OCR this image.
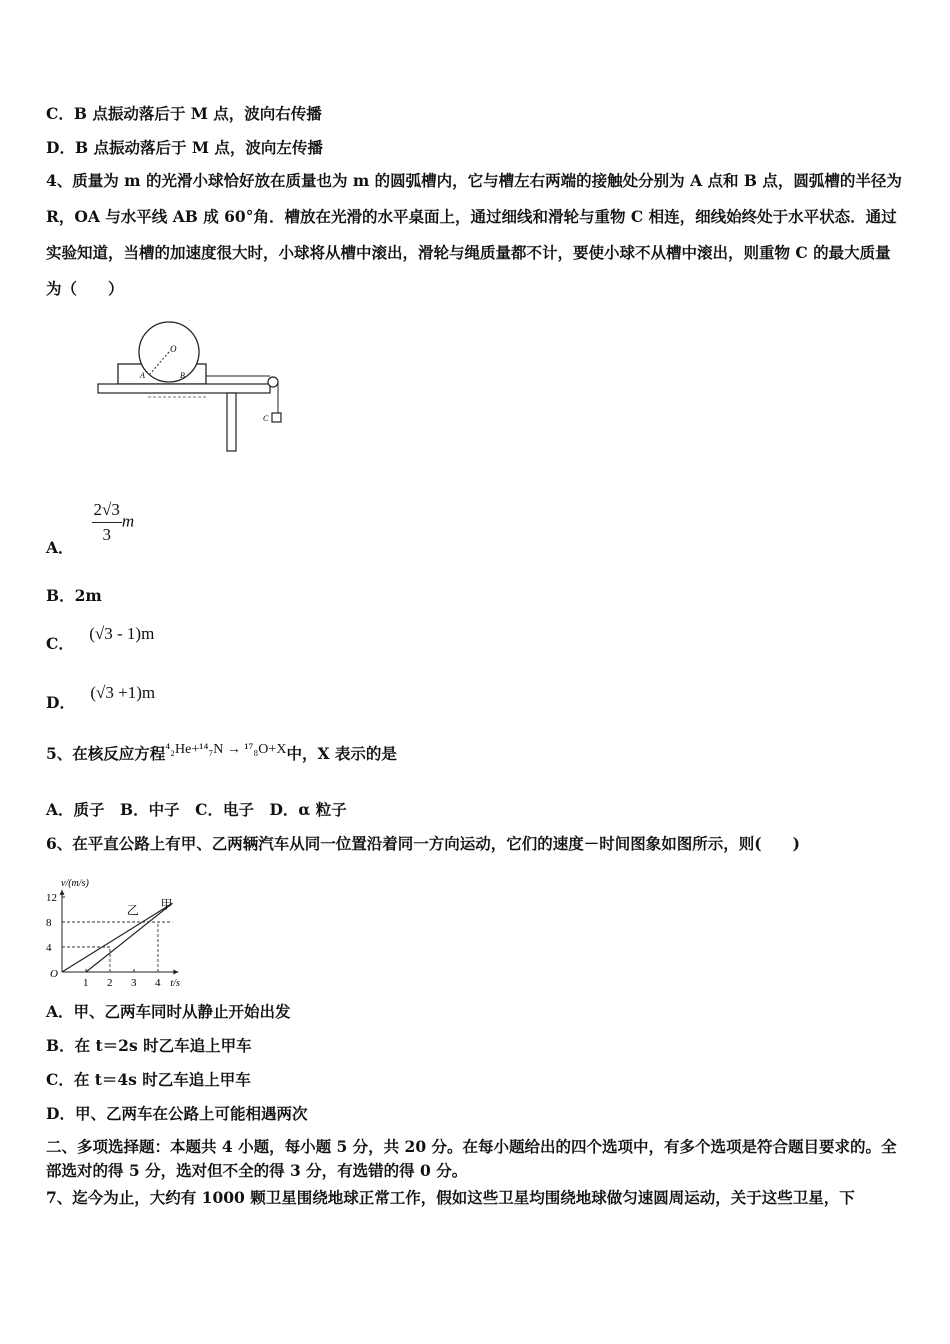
C．B 点振动落后于 M 点，波向右传播
D．B 点振动落后于 M 点，波向左传播
4、质量为 m 的光滑小球恰好放在质量也为 m 的圆弧槽内，它与槽左右两端的接触处分别为 A 点和 B 点，圆弧槽的半径为 R，OA 与水平线 AB 成 60°角．槽放在光滑的水平桌面上，通过细线和滑轮与重物 C 相连，细线始终处于水平状态．通过实验知道，当槽的加速度很大时，小球将从槽中滚出，滑轮与绳质量都不计，要使小球不从槽中滚出，则重物 C 的最大质量为（　　）
O
A	B
C
A．
$\frac{2√3}{3}$ m
B．2m
C． (√3 - 1)m
D． (√3 +1)m
5、在核反应方程⁴₂He+¹⁴₇N → ¹⁷₈O+X中，X 表示的是
A．质子　B．中子　C．电子　D．α 粒子
6、在平直公路上有甲、乙两辆汽车从同一位置沿着同一方向运动，它们的速度－时间图象如图所示，则(　　)
v/(m/s)
t/s
O
1 2 3 4
4
8
12	甲
乙
A．甲、乙两车同时从静止开始出发
B．在 t＝2s 时乙车追上甲车
C．在 t＝4s 时乙车追上甲车
D．甲、乙两车在公路上可能相遇两次
二、多项选择题：本题共 4 小题，每小题 5 分，共 20 分。在每小题给出的四个选项中，有多个选项是符合题目要求的。全部选对的得 5 分，选对但不全的得 3 分，有选错的得 0 分。
7、迄今为止，大约有 1000 颗卫星围绕地球正常工作，假如这些卫星均围绕地球做匀速圆周运动，关于这些卫星，下
